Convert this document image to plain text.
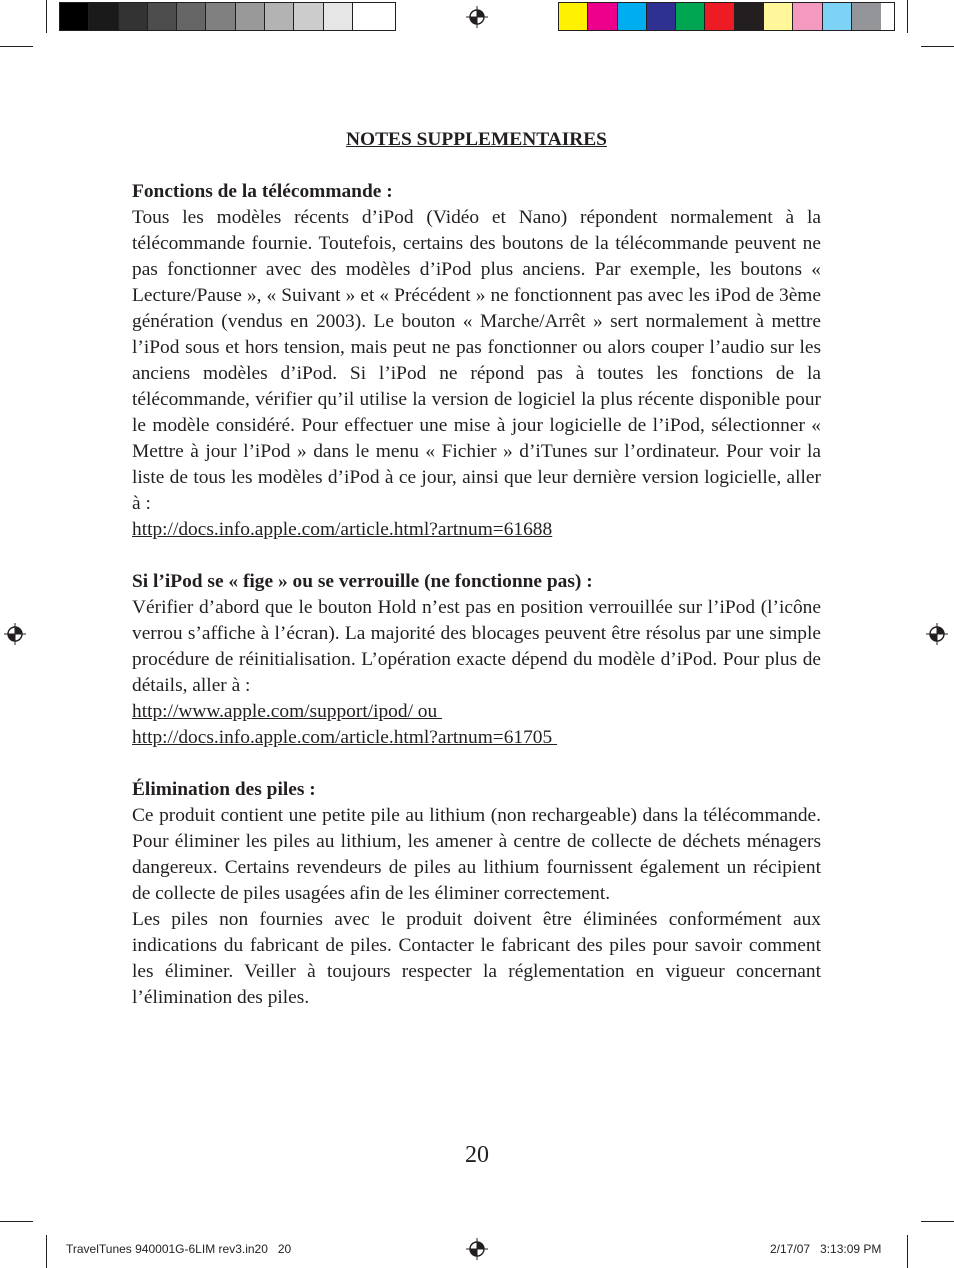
NOTES SUPPLEMENTAIRES

Fonctions de la télécommande :

Tous les modèles récents d’iPod (Vidéo et Nano) répondent normalement à la télécommande fournie. Toutefois, certains des boutons de la télécommande peuvent ne pas fonctionner avec des modèles d’iPod plus anciens. Par exemple, les boutons « Lecture/Pause », « Suivant » et « Précédent » ne fonctionnent pas avec les iPod de 3ème génération (vendus en 2003). Le bouton « Marche/Arrêt » sert normalement à mettre l’iPod sous et hors tension, mais peut ne pas fonctionner ou alors couper l’audio sur les anciens modèles d’iPod. Si l’iPod ne répond pas à toutes les fonctions de la télécommande, vérifier qu’il utilise la version de logiciel la plus récente disponible pour le modèle considéré. Pour effectuer une mise à jour logicielle de l’iPod, sélectionner « Mettre à jour l’iPod » dans le menu « Fichier » d’iTunes sur l’ordinateur. Pour voir la liste de tous les modèles d’iPod à ce jour, ainsi que leur dernière version logicielle, aller à :

http://docs.info.apple.com/article.html?artnum=61688

Si l’iPod se « fige » ou se verrouille (ne fonctionne pas) :

Vérifier d’abord que le bouton Hold n’est pas en position verrouillée sur l’iPod (l’icône verrou s’affiche à l’écran). La majorité des blocages peuvent être résolus par une simple procédure de réinitialisation. L’opération exacte dépend du modèle d’iPod. Pour plus de détails, aller à :

http://www.apple.com/support/ipod/ ou
http://docs.info.apple.com/article.html?artnum=61705

Élimination des piles :

Ce produit contient une petite pile au lithium (non rechargeable) dans la télécommande. Pour éliminer les piles au lithium, les amener à centre de collecte de déchets ménagers dangereux. Certains revendeurs de piles au lithium fournissent également un récipient de collecte de piles usagées afin de les éliminer correctement.

Les piles non fournies avec le produit doivent être éliminées conformément aux indications du fabricant de piles. Contacter le fabricant des piles pour savoir comment les éliminer. Veiller à toujours respecter la réglementation en vigueur concernant l’élimination des piles.

20
TravelTunes 940001G-6LIM rev3.in20   20	2/17/07   3:13:09 PM
